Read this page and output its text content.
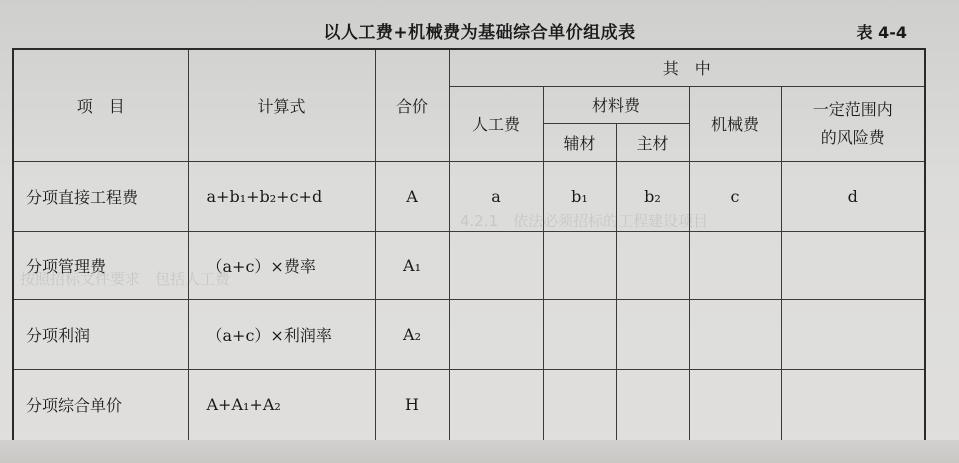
4.2.1　依法必须招标的工程建设项目
按照招标文件要求　包括人工费
以人工费+机械费为基础综合单价组成表	表 4-4
项　目	计算式	合价	其　中				
			人工费	材料费		机械费	一定范围内
的风险费
				辅材	主材		
分项直接工程费	a+b₁+b₂+c+d	A	a	b₁	b₂	c	d
分项管理费	（a+c）×费率	A₁					
分项利润	（a+c）×利润率	A₂					
分项综合单价	A+A₁+A₂	H					
